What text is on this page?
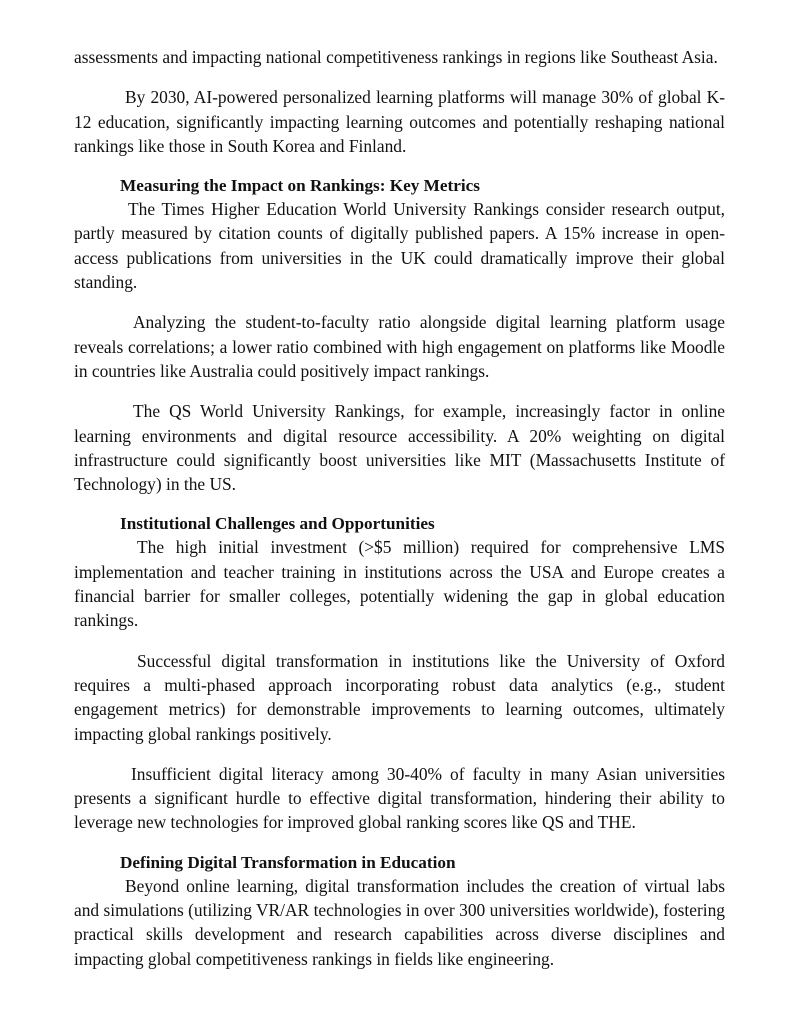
assessments and impacting national competitiveness rankings in regions like Southeast Asia.

By 2030, AI-powered personalized learning platforms will manage 30% of global K-12 education, significantly impacting learning outcomes and potentially reshaping national rankings like those in South Korea and Finland.

Measuring the Impact on Rankings: Key Metrics

The Times Higher Education World University Rankings consider research output, partly measured by citation counts of digitally published papers. A 15% increase in open-access publications from universities in the UK could dramatically improve their global standing.

Analyzing the student-to-faculty ratio alongside digital learning platform usage reveals correlations; a lower ratio combined with high engagement on platforms like Moodle in countries like Australia could positively impact rankings.

The QS World University Rankings, for example, increasingly factor in online learning environments and digital resource accessibility. A 20% weighting on digital infrastructure could significantly boost universities like MIT (Massachusetts Institute of Technology) in the US.

Institutional Challenges and Opportunities

The high initial investment (>$5 million) required for comprehensive LMS implementation and teacher training in institutions across the USA and Europe creates a financial barrier for smaller colleges, potentially widening the gap in global education rankings.

Successful digital transformation in institutions like the University of Oxford requires a multi-phased approach incorporating robust data analytics (e.g., student engagement metrics) for demonstrable improvements to learning outcomes, ultimately impacting global rankings positively.

Insufficient digital literacy among 30-40% of faculty in many Asian universities presents a significant hurdle to effective digital transformation, hindering their ability to leverage new technologies for improved global ranking scores like QS and THE.

Defining Digital Transformation in Education

Beyond online learning, digital transformation includes the creation of virtual labs and simulations (utilizing VR/AR technologies in over 300 universities worldwide), fostering practical skills development and research capabilities across diverse disciplines and impacting global competitiveness rankings in fields like engineering.
